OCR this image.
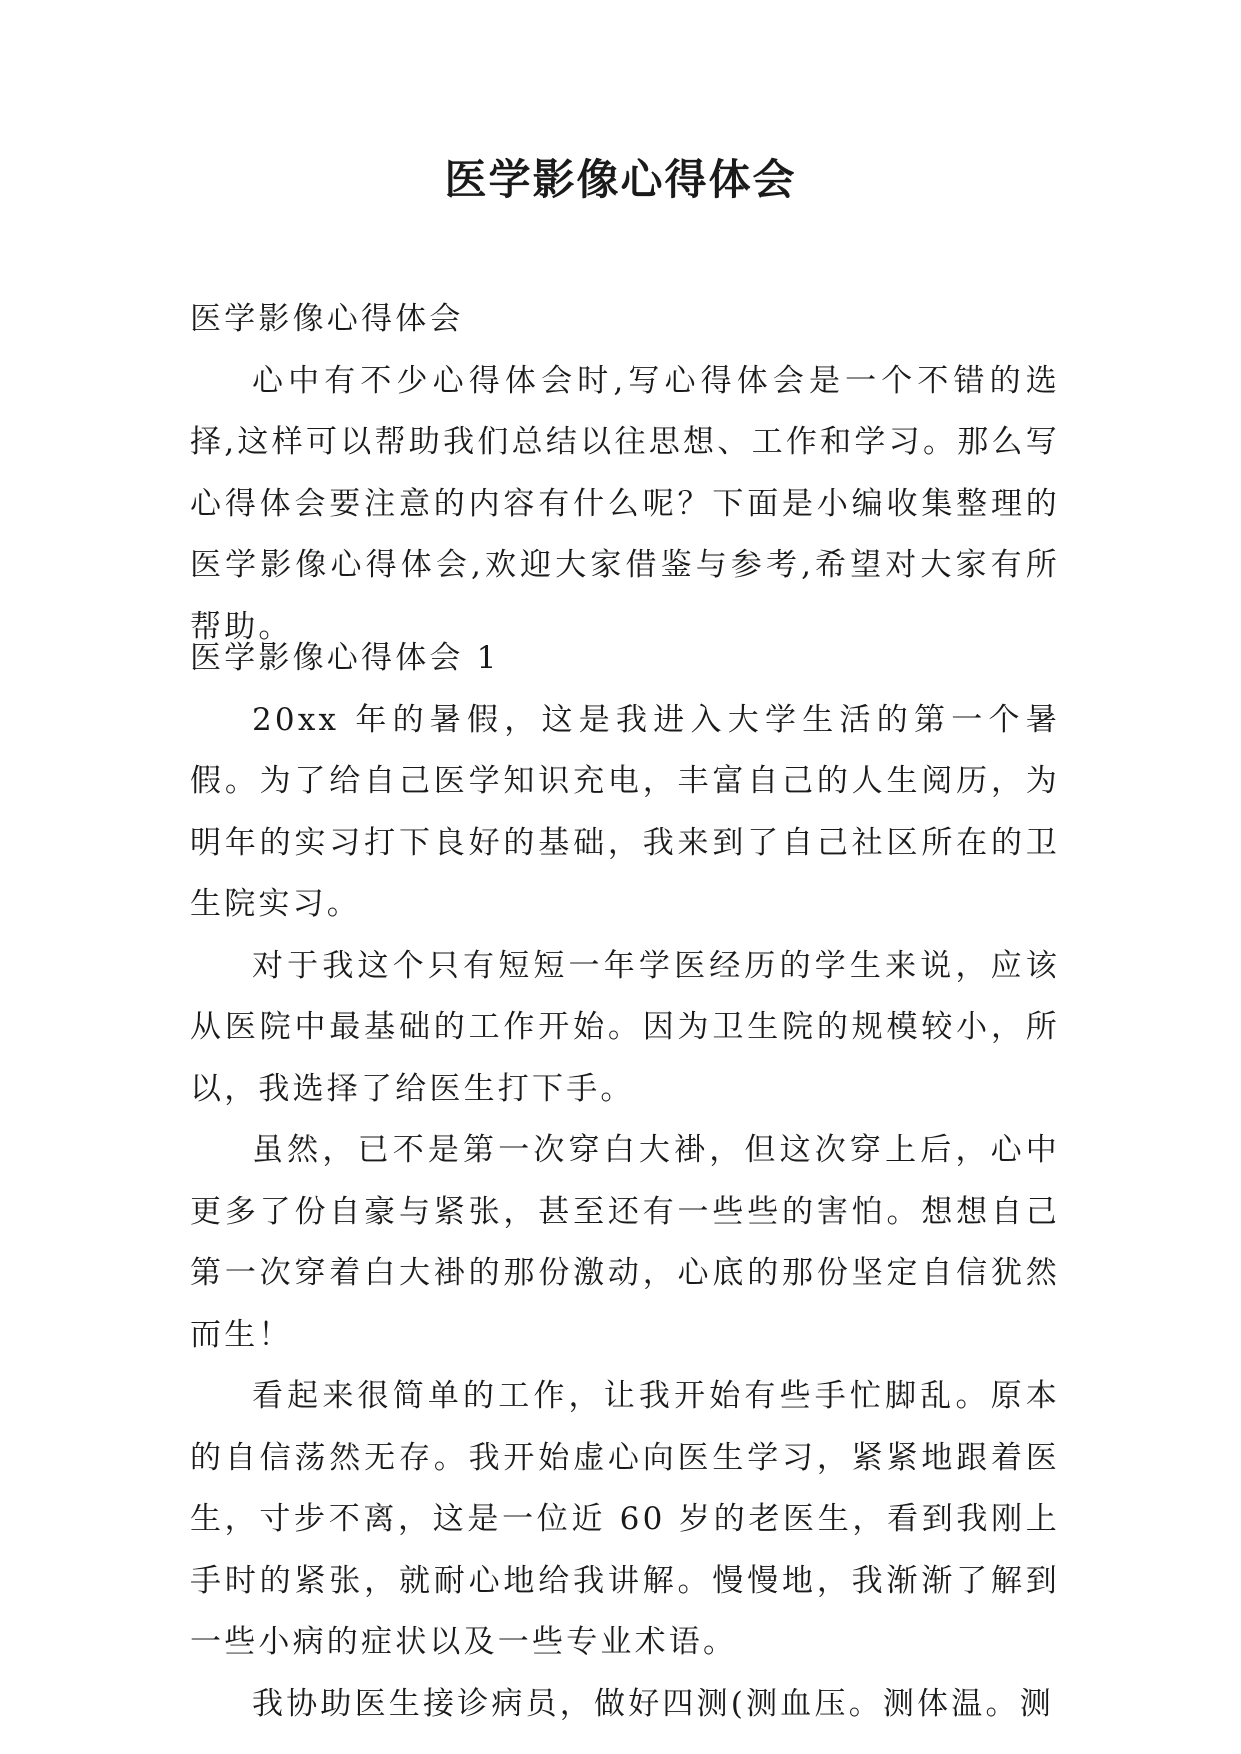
医学影像心得体会

医学影像心得体会

心中有不少心得体会时,写心得体会是一个不错的选择,这样可以帮助我们总结以往思想、工作和学习。那么写心得体会要注意的内容有什么呢？下面是小编收集整理的医学影像心得体会,欢迎大家借鉴与参考,希望对大家有所帮助。

医学影像心得体会 1

20xx 年的暑假，这是我进入大学生活的第一个暑假。为了给自己医学知识充电，丰富自己的人生阅历，为明年的实习打下良好的基础，我来到了自己社区所在的卫生院实习。

对于我这个只有短短一年学医经历的学生来说，应该从医院中最基础的工作开始。因为卫生院的规模较小，所以，我选择了给医生打下手。

虽然，已不是第一次穿白大褂，但这次穿上后，心中更多了份自豪与紧张，甚至还有一些些的害怕。想想自己第一次穿着白大褂的那份激动，心底的那份坚定自信犹然而生！

看起来很简单的工作，让我开始有些手忙脚乱。原本的自信荡然无存。我开始虚心向医生学习，紧紧地跟着医生，寸步不离，这是一位近 60 岁的老医生，看到我刚上手时的紧张，就耐心地给我讲解。慢慢地，我渐渐了解到一些小病的症状以及一些专业术语。

我协助医生接诊病员，做好四测(测血压。测体温。测
